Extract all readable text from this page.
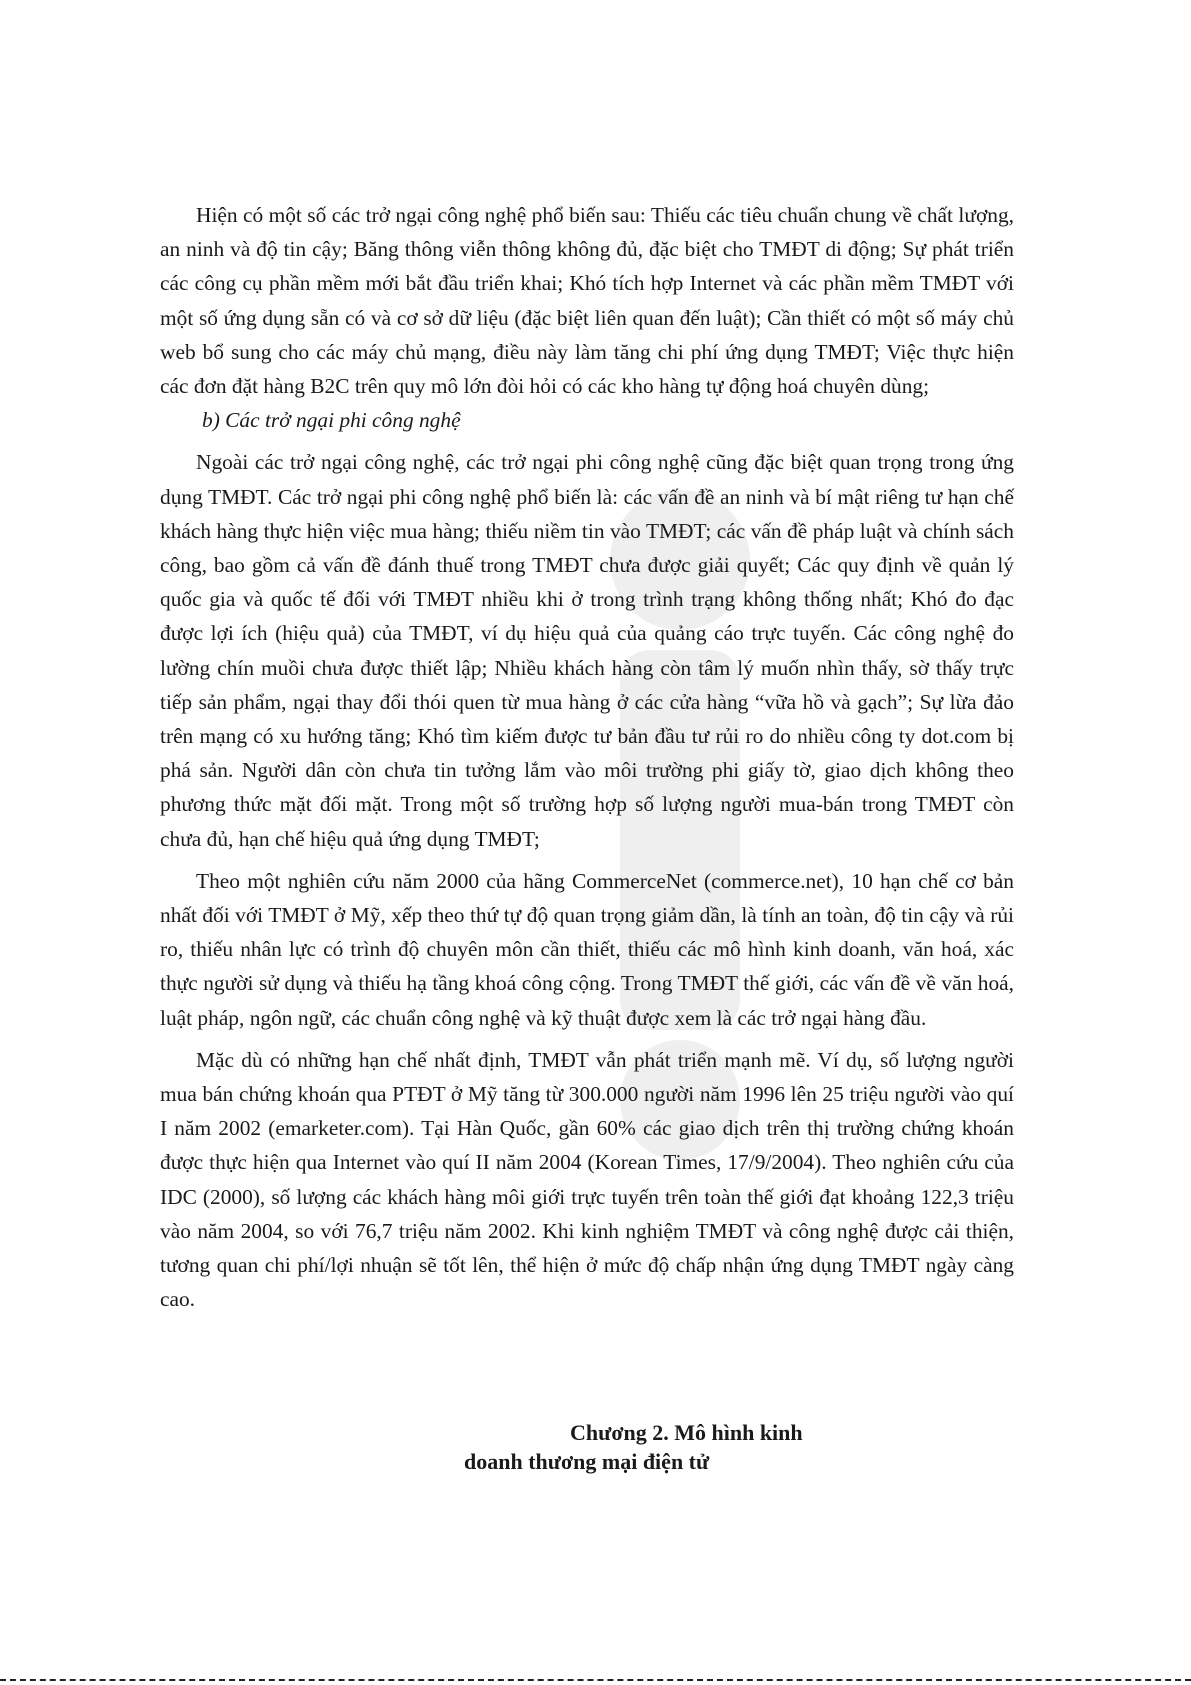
Hiện có một số các trở ngại công nghệ phổ biến sau: Thiếu các tiêu chuẩn chung về chất lượng, an ninh và độ tin cậy; Băng thông viễn thông không đủ, đặc biệt cho TMĐT di động; Sự phát triển các công cụ phần mềm mới bắt đầu triển khai; Khó tích hợp Internet và các phần mềm TMĐT với một số ứng dụng sẵn có và cơ sở dữ liệu (đặc biệt liên quan đến luật); Cần thiết có một số máy chủ web bổ sung cho các máy chủ mạng, điều này làm tăng chi phí ứng dụng TMĐT; Việc thực hiện các đơn đặt hàng B2C trên quy mô lớn đòi hỏi có các kho hàng tự động hoá chuyên dùng;

b) Các trở ngại phi công nghệ

Ngoài các trở ngại công nghệ, các trở ngại phi công nghệ cũng đặc biệt quan trọng trong ứng dụng TMĐT. Các trở ngại phi công nghệ phổ biến là: các vấn đề an ninh và bí mật riêng tư hạn chế khách hàng thực hiện việc mua hàng; thiếu niềm tin vào TMĐT; các vấn đề pháp luật và chính sách công, bao gồm cả vấn đề đánh thuế trong TMĐT chưa được giải quyết; Các quy định về quản lý quốc gia và quốc tế đối với TMĐT nhiều khi ở trong trình trạng không thống nhất; Khó đo đạc được lợi ích (hiệu quả) của TMĐT, ví dụ hiệu quả của quảng cáo trực tuyến. Các công nghệ đo lường chín muồi chưa được thiết lập; Nhiều khách hàng còn tâm lý muốn nhìn thấy, sờ thấy trực tiếp sản phẩm, ngại thay đổi thói quen từ mua hàng ở các cửa hàng “vữa hồ và gạch”; Sự lừa đảo trên mạng có xu hướng tăng; Khó tìm kiếm được tư bản đầu tư rủi ro do nhiều công ty dot.com bị phá sản. Người dân còn chưa tin tưởng lắm vào môi trường phi giấy tờ, giao dịch không theo phương thức mặt đối mặt. Trong một số trường hợp số lượng người mua-bán trong TMĐT còn chưa đủ, hạn chế hiệu quả ứng dụng TMĐT;

Theo một nghiên cứu năm 2000 của hãng CommerceNet (commerce.net), 10 hạn chế cơ bản nhất đối với TMĐT ở Mỹ, xếp theo thứ tự độ quan trọng giảm dần, là tính an toàn, độ tin cậy và rủi ro, thiếu nhân lực có trình độ chuyên môn cần thiết, thiếu các mô hình kinh doanh, văn hoá, xác thực người sử dụng và thiếu hạ tầng khoá công cộng. Trong TMĐT thế giới, các vấn đề về văn hoá, luật pháp, ngôn ngữ, các chuẩn công nghệ và kỹ thuật được xem là các trở ngại hàng đầu.

Mặc dù có những hạn chế nhất định, TMĐT vẫn phát triển mạnh mẽ. Ví dụ, số lượng người mua bán chứng khoán qua PTĐT ở Mỹ tăng từ 300.000 người năm 1996 lên 25 triệu người vào quí I năm 2002 (emarketer.com). Tại Hàn Quốc, gần 60% các giao dịch trên thị trường chứng khoán được thực hiện qua Internet vào quí II năm 2004 (Korean Times, 17/9/2004). Theo nghiên cứu của IDC (2000), số lượng các khách hàng môi giới trực tuyến trên toàn thế giới đạt khoảng 122,3 triệu vào năm 2004, so với 76,7 triệu năm 2002. Khi kinh nghiệm TMĐT và công nghệ được cải thiện, tương quan chi phí/lợi nhuận sẽ tốt lên, thể hiện ở mức độ chấp nhận ứng dụng TMĐT ngày càng cao.

Chương 2. Mô hình kinh
doanh thương mại điện tử
